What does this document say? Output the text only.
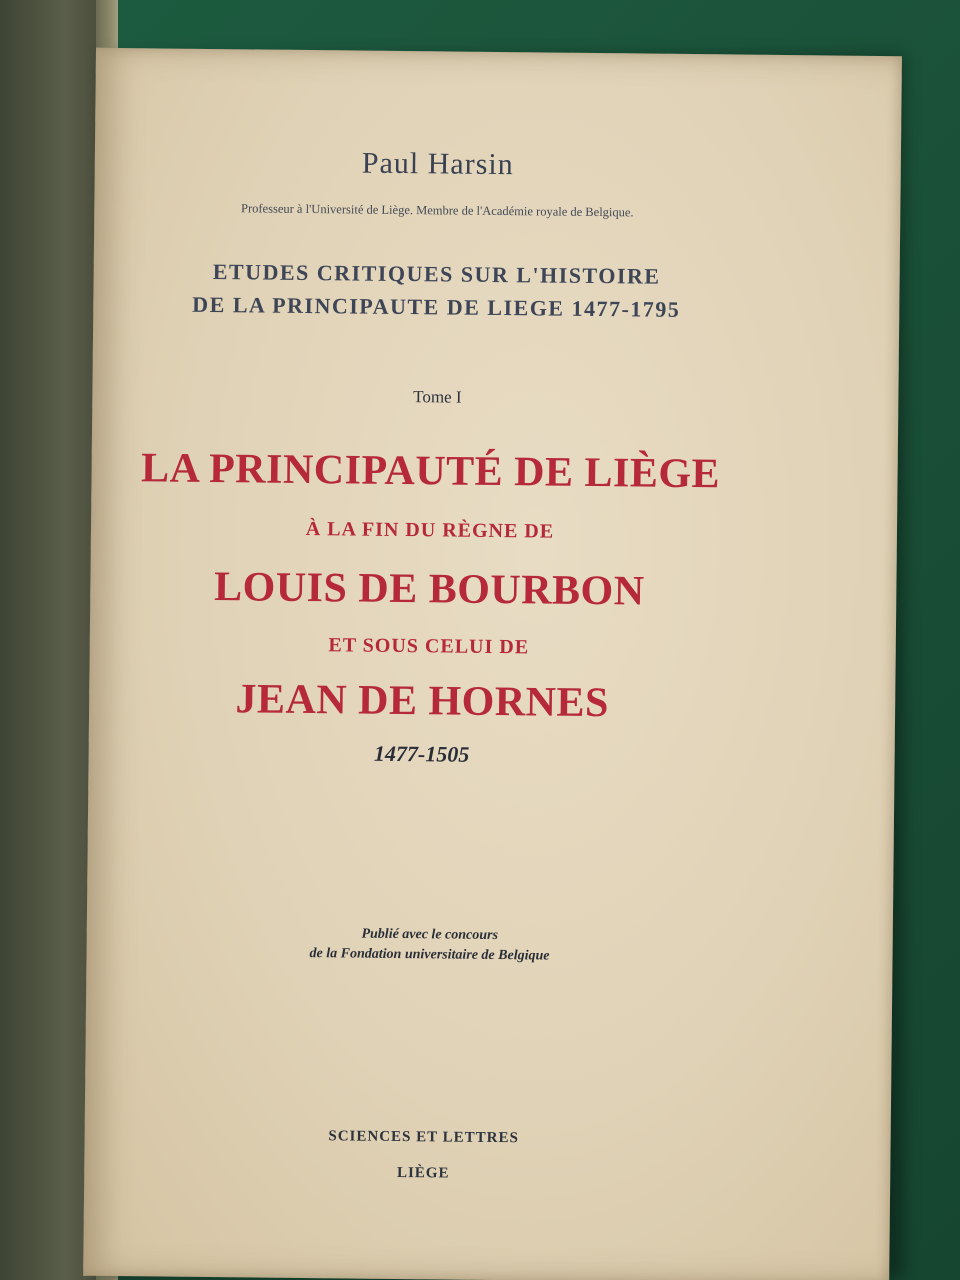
Paul Harsin
Professeur à l'Université de Liège. Membre de l'Académie royale de Belgique.
ETUDES CRITIQUES SUR L'HISTOIRE
DE LA PRINCIPAUTE DE LIEGE 1477-1795
Tome I
LA PRINCIPAUTÉ DE LIÈGE
À LA FIN DU RÈGNE DE
LOUIS DE BOURBON
ET SOUS CELUI DE
JEAN DE HORNES
1477-1505
Publié avec le concours
de la Fondation universitaire de Belgique
SCIENCES ET LETTRES
LIÈGE
